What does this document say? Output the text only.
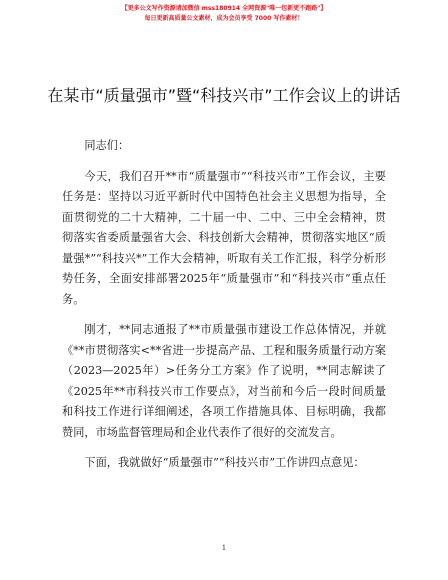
【更多公文写作资源请加微信 mss180914 全网资源"唯一包新更不跑路"】
每日更新高质量公文素材，成为会员享受 7000 写作素材！
在某市“质量强市”暨“科技兴市”工作会议上的讲话

同志们：

今天，我们召开**市“质量强市”“科技兴市”工作会议，主要任务是：坚持以习近平新时代中国特色社会主义思想为指导，全面贯彻党的二十大精神，二十届一中、二中、三中全会精神，贯彻落实省委质量强省大会、科技创新大会精神，贯彻落实地区“质量强*”“科技兴*”工作大会精神，听取有关工作汇报，科学分析形势任务，全面安排部署2025年“质量强市”和“科技兴市”重点任务。

刚才，**同志通报了**市质量强市建设工作总体情况，并就《**市贯彻落实<**省进一步提高产品、工程和服务质量行动方案（2023—2025年）>任务分工方案》作了说明，**同志解读了《2025年**市科技兴市工作要点》，对当前和今后一段时间质量和科技工作进行详细阐述，各项工作措施具体、目标明确，我都赞同，市场监督管理局和企业代表作了很好的交流发言。

下面，我就做好“质量强市”“科技兴市”工作讲四点意见：

1
